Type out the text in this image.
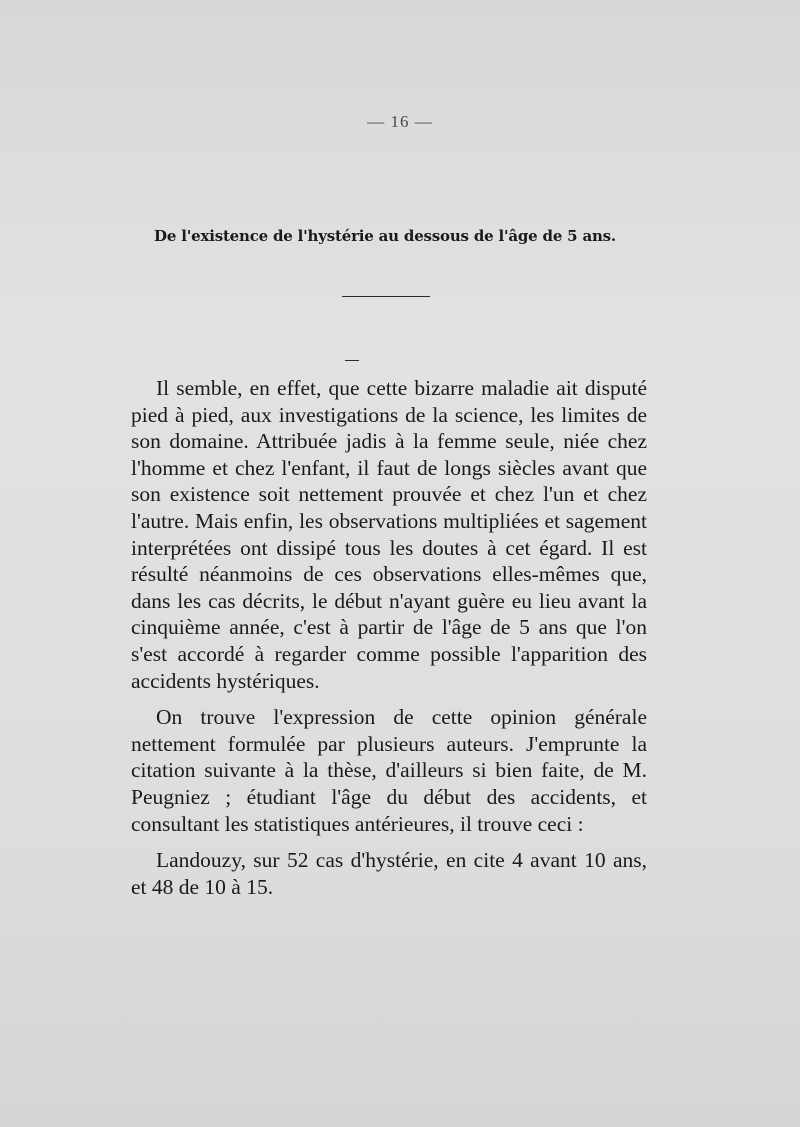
— 16 —
De l'existence de l'hystérie au dessous de l'âge de 5 ans.

Il semble, en effet, que cette bizarre maladie ait disputé pied à pied, aux investigations de la science, les limites de son domaine. Attribuée jadis à la femme seule, niée chez l'homme et chez l'enfant, il faut de longs siècles avant que son existence soit nettement prouvée et chez l'un et chez l'autre. Mais enfin, les observations multipliées et sagement interprétées ont dissipé tous les doutes à cet égard. Il est résulté néanmoins de ces observations elles-mêmes que, dans les cas décrits, le début n'ayant guère eu lieu avant la cinquième année, c'est à partir de l'âge de 5 ans que l'on s'est accordé à regarder comme possible l'apparition des accidents hystériques.

On trouve l'expression de cette opinion générale nettement formulée par plusieurs auteurs. J'emprunte la citation suivante à la thèse, d'ailleurs si bien faite, de M. Peugniez ; étudiant l'âge du début des accidents, et consultant les statistiques antérieures, il trouve ceci :

Landouzy, sur 52 cas d'hystérie, en cite 4 avant 10 ans, et 48 de 10 à 15.
